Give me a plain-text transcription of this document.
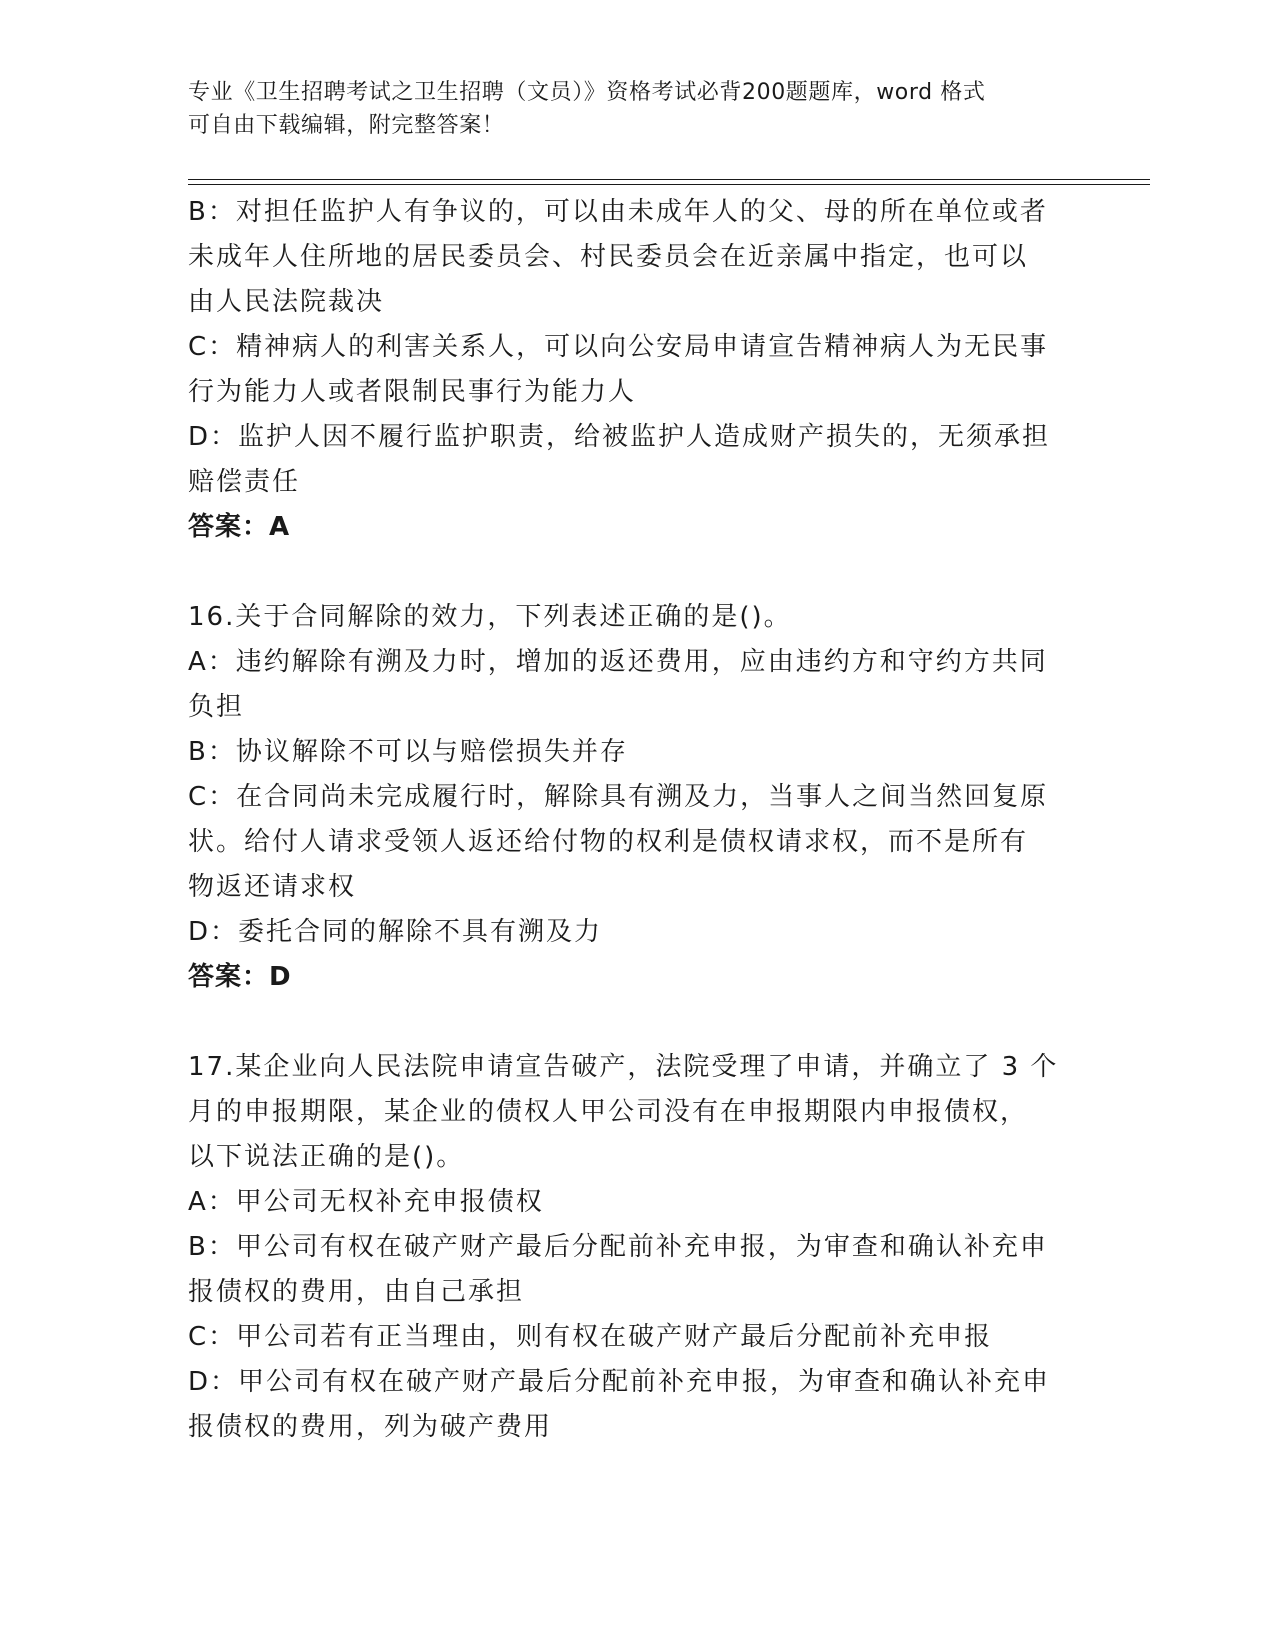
专业《卫生招聘考试之卫生招聘（文员）》资格考试必背200题题库，word 格式
可自由下载编辑，附完整答案！

B：对担任监护人有争议的，可以由未成年人的父、母的所在单位或者

未成年人住所地的居民委员会、村民委员会在近亲属中指定，也可以

由人民法院裁决

C：精神病人的利害关系人，可以向公安局申请宣告精神病人为无民事

行为能力人或者限制民事行为能力人

D：监护人因不履行监护职责，给被监护人造成财产损失的，无须承担

赔偿责任

答案：A

16.关于合同解除的效力，下列表述正确的是()。

A：违约解除有溯及力时，增加的返还费用，应由违约方和守约方共同

负担

B：协议解除不可以与赔偿损失并存

C：在合同尚未完成履行时，解除具有溯及力，当事人之间当然回复原

状。给付人请求受领人返还给付物的权利是债权请求权，而不是所有

物返还请求权

D：委托合同的解除不具有溯及力

答案：D

17.某企业向人民法院申请宣告破产，法院受理了申请，并确立了 3 个

月的申报期限，某企业的债权人甲公司没有在申报期限内申报债权，

以下说法正确的是()。

A：甲公司无权补充申报债权

B：甲公司有权在破产财产最后分配前补充申报，为审查和确认补充申

报债权的费用，由自己承担

C：甲公司若有正当理由，则有权在破产财产最后分配前补充申报

D：甲公司有权在破产财产最后分配前补充申报，为审查和确认补充申

报债权的费用，列为破产费用
